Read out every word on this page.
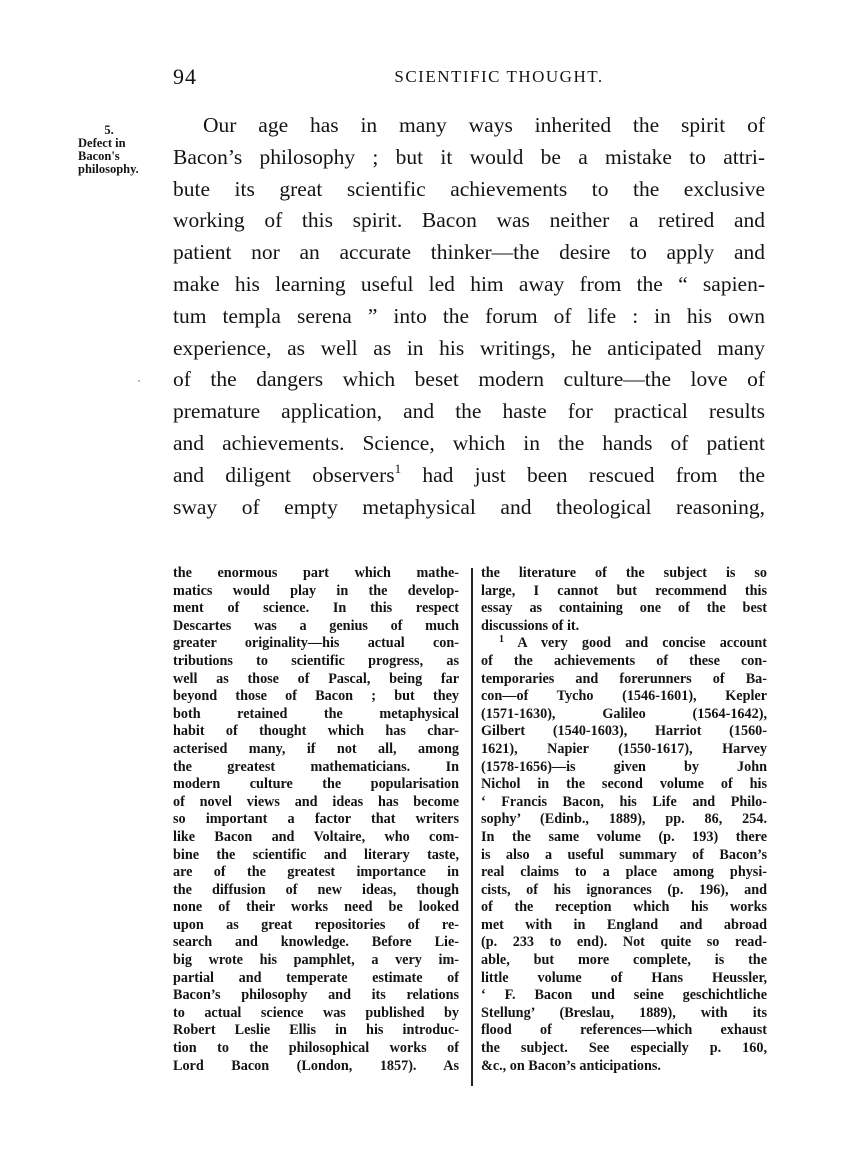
94	SCIENTIFIC THOUGHT.
5.
Defect in
Bacon's
philosophy.
Our age has in many ways inherited the spirit of
Bacon’s philosophy ; but it would be a mistake to attri-
bute its great scientific achievements to the exclusive
working of this spirit. Bacon was neither a retired and
patient nor an accurate thinker—the desire to apply and
make his learning useful led him away from the “ sapien-
tum templa serena ” into the forum of life : in his own
experience, as well as in his writings, he anticipated many
of the dangers which beset modern culture—the love of
premature application, and the haste for practical results
and achievements. Science, which in the hands of patient
and diligent observers$^1$ had just been rescued from the
sway of empty metaphysical and theological reasoning,
the enormous part which mathe-
matics would play in the develop-
ment of science. In this respect
Descartes was a genius of much
greater originality—his actual con-
tributions to scientific progress, as
well as those of Pascal, being far
beyond those of Bacon ; but they
both retained the metaphysical
habit of thought which has char-
acterised many, if not all, among
the greatest mathematicians. In
modern culture the popularisation
of novel views and ideas has become
so important a factor that writers
like Bacon and Voltaire, who com-
bine the scientific and literary taste,
are of the greatest importance in
the diffusion of new ideas, though
none of their works need be looked
upon as great repositories of re-
search and knowledge. Before Lie-
big wrote his pamphlet, a very im-
partial and temperate estimate of
Bacon’s philosophy and its relations
to actual science was published by
Robert Leslie Ellis in his introduc-
tion to the philosophical works of
Lord Bacon (London, 1857). As
the literature of the subject is so
large, I cannot but recommend this
essay as containing one of the best
discussions of it.
$^1$ A very good and concise account
of the achievements of these con-
temporaries and forerunners of Ba-
con—of Tycho (1546-1601), Kepler
(1571-1630), Galileo (1564-1642),
Gilbert (1540-1603), Harriot (1560-
1621), Napier (1550-1617), Harvey
(1578-1656)—is given by John
Nichol in the second volume of his
‘ Francis Bacon, his Life and Philo-
sophy’ (Edinb., 1889), pp. 86, 254.
In the same volume (p. 193) there
is also a useful summary of Bacon’s
real claims to a place among physi-
cists, of his ignorances (p. 196), and
of the reception which his works
met with in England and abroad
(p. 233 to end). Not quite so read-
able, but more complete, is the
little volume of Hans Heussler,
‘ F. Bacon und seine geschichtliche
Stellung’ (Breslau, 1889), with its
flood of references—which exhaust
the subject. See especially p. 160,
&c., on Bacon’s anticipations.
